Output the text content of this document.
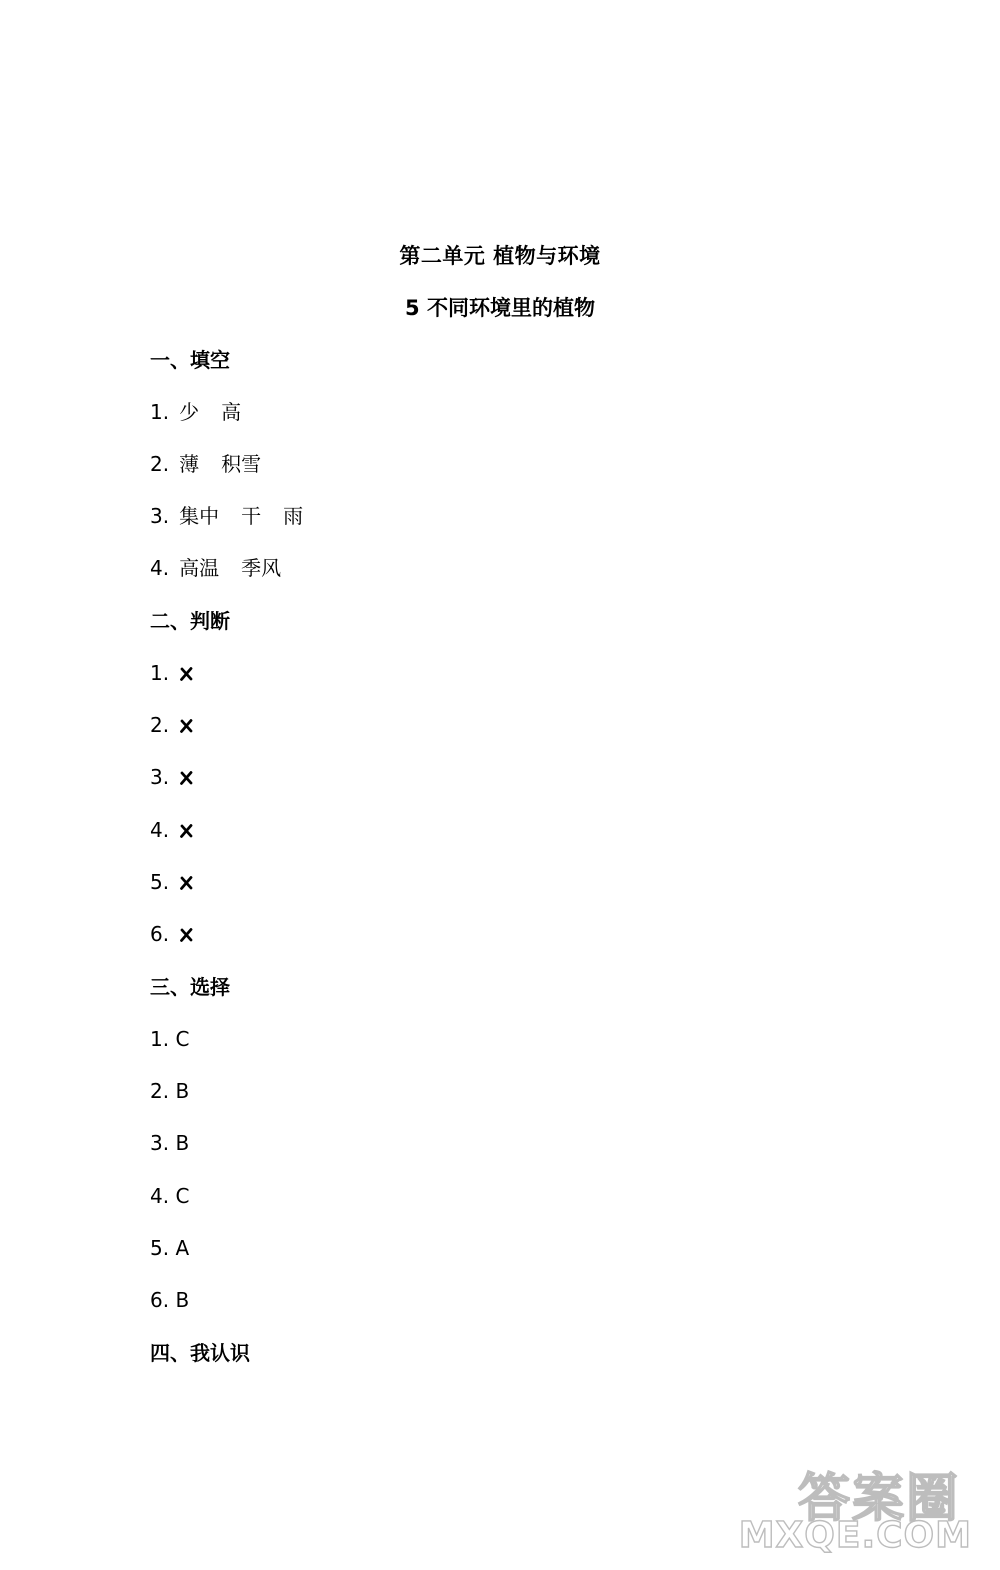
第二单元 植物与环境
5 不同环境里的植物
一、填空
1. 少 高
2. 薄 积雪
3. 集中 干 雨
4. 高温 季风
二、判断
1.
2.
3.
4.
5.
6.
三、选择
1. C
2. B
3. B
4. C
5. A
6. B
四、我认识
答案圈
MXQE.COM
